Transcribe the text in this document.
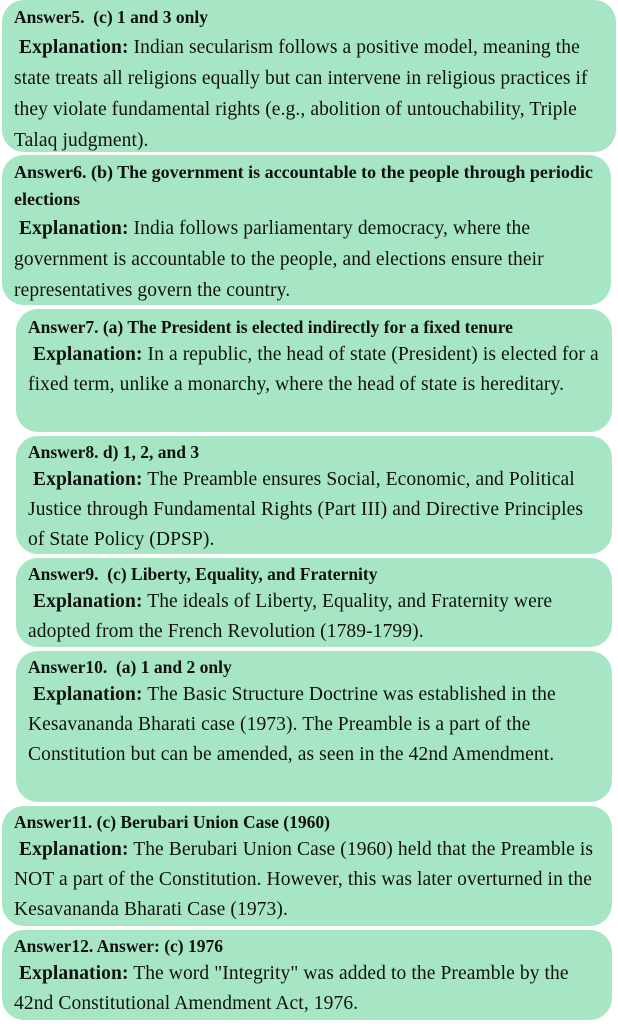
Answer5.  (c) 1 and 3 only

Explanation: Indian secularism follows a positive model, meaning the state treats all religions equally but can intervene in religious practices if they violate fundamental rights (e.g., abolition of untouchability, Triple Talaq judgment).

Answer6. (b) The government is accountable to the people through periodic elections

Explanation: India follows parliamentary democracy, where the government is accountable to the people, and elections ensure their representatives govern the country.

Answer7. (a) The President is elected indirectly for a fixed tenure

Explanation: In a republic, the head of state (President) is elected for a fixed term, unlike a monarchy, where the head of state is hereditary.

Answer8. d) 1, 2, and 3

Explanation: The Preamble ensures Social, Economic, and Political Justice through Fundamental Rights (Part III) and Directive Principles of State Policy (DPSP).

Answer9.  (c) Liberty, Equality, and Fraternity

Explanation: The ideals of Liberty, Equality, and Fraternity were adopted from the French Revolution (1789-1799).

Answer10.  (a) 1 and 2 only

Explanation: The Basic Structure Doctrine was established in the Kesavananda Bharati case (1973). The Preamble is a part of the Constitution but can be amended, as seen in the 42nd Amendment.

Answer11. (c) Berubari Union Case (1960)

Explanation: The Berubari Union Case (1960) held that the Preamble is NOT a part of the Constitution. However, this was later overturned in the Kesavananda Bharati Case (1973).

Answer12. Answer: (c) 1976

Explanation: The word "Integrity" was added to the Preamble by the 42nd Constitutional Amendment Act, 1976.
